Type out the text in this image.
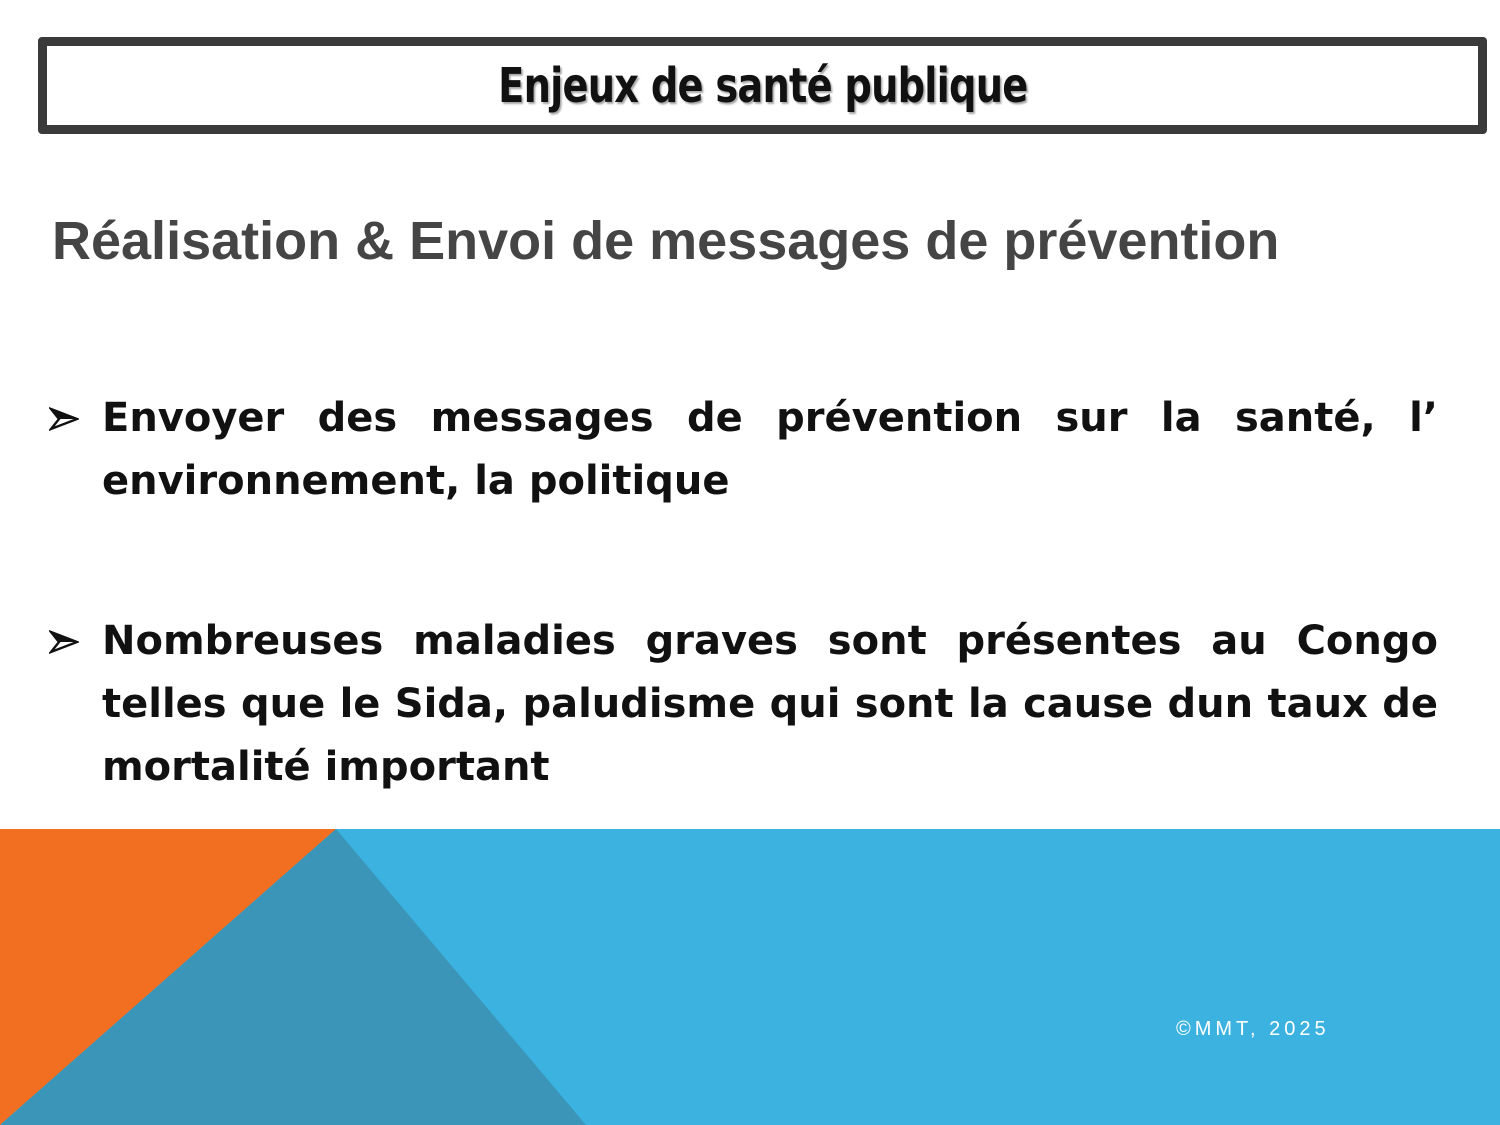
Enjeux de santé publique
Réalisation & Envoi de messages de prévention
Envoyer des messages de prévention sur la santé, l’ environnement, la politique
Nombreuses maladies graves sont présentes au Congo telles que le Sida, paludisme qui sont la cause dun taux de mortalité important
©MMT, 2025
